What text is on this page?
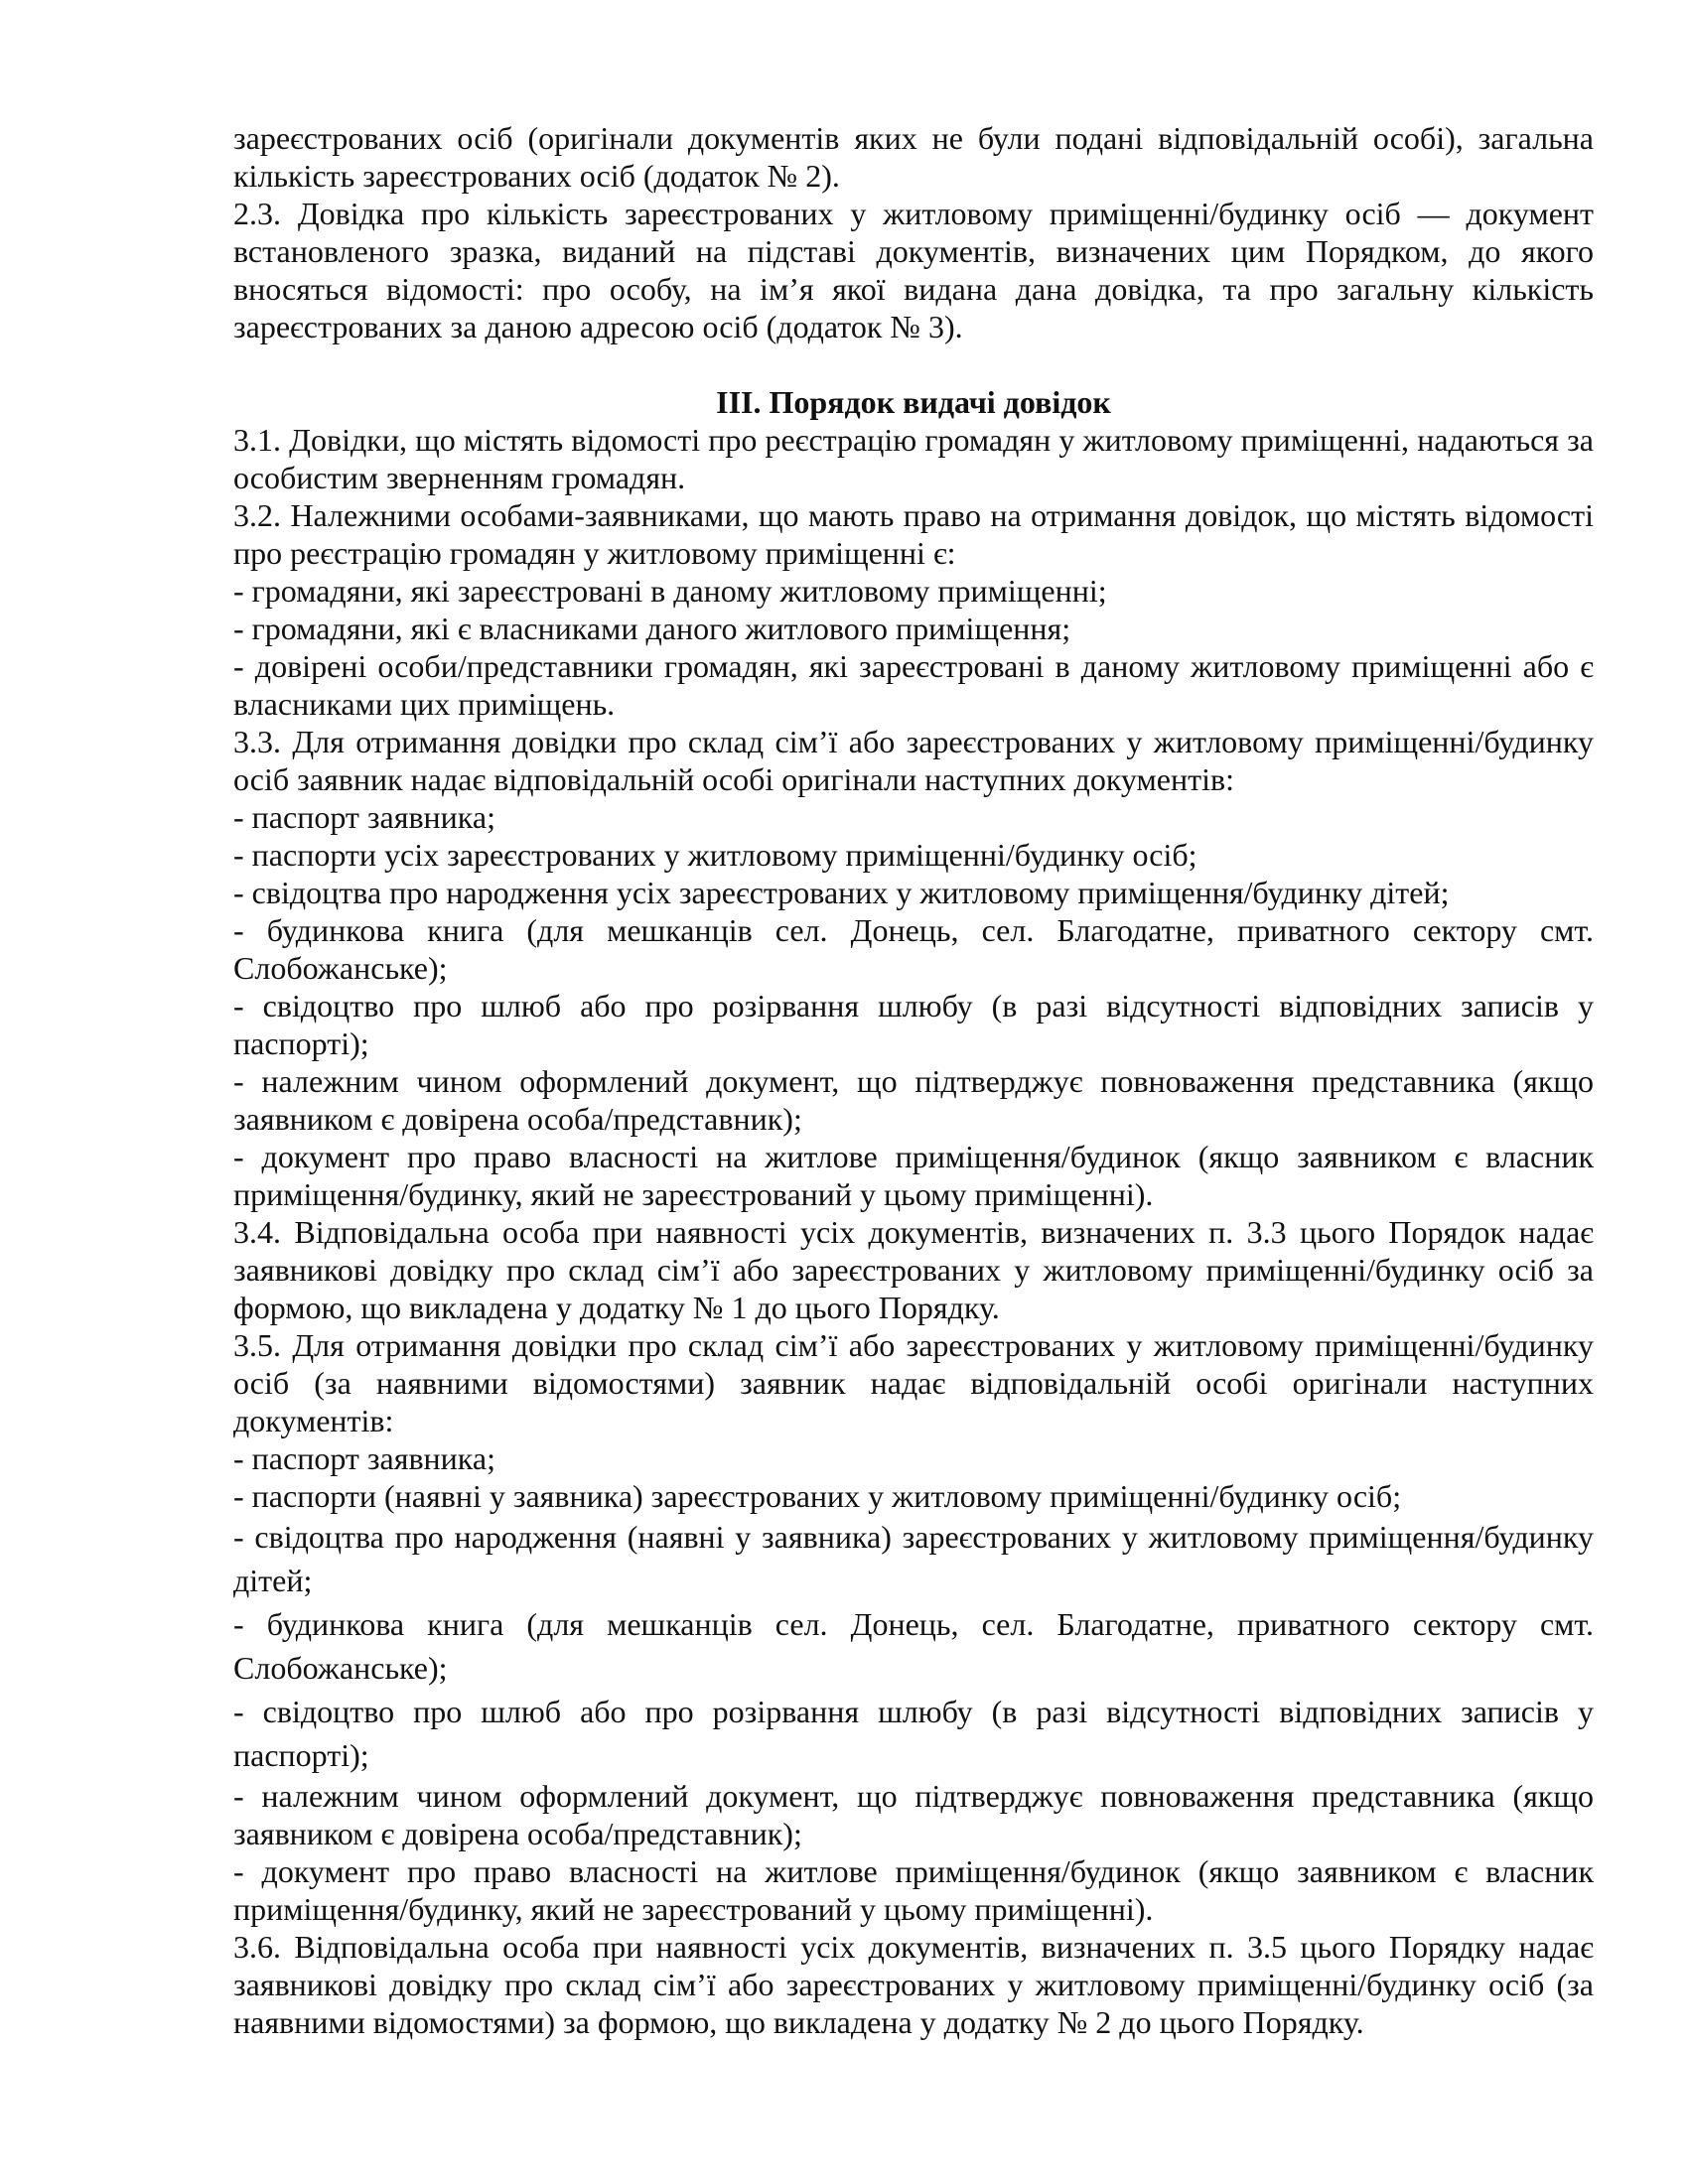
зареєстрованих осіб (оригінали документів яких не були подані відповідальній особі), загальна кількість зареєстрованих осіб (додаток № 2).

2.3. Довідка про кількість зареєстрованих у житловому приміщенні/будинку осіб — документ встановленого зразка, виданий на підставі документів, визначених цим Порядком, до якого вносяться відомості: про особу, на ім’я якої видана дана довідка, та про загальну кількість зареєстрованих за даною адресою осіб (додаток № 3).

ІІІ. Порядок видачі довідок

3.1. Довідки, що містять відомості про реєстрацію громадян у житловому приміщенні, надаються за особистим зверненням громадян.

3.2. Належними особами-заявниками, що мають право на отримання довідок, що містять відомості про реєстрацію громадян у житловому приміщенні є:

- громадяни, які зареєстровані в даному житловому приміщенні;

- громадяни, які є власниками даного житлового приміщення;

- довірені особи/представники громадян, які зареєстровані в даному житловому приміщенні або є власниками цих приміщень.

3.3. Для отримання довідки про склад сім’ї або зареєстрованих у житловому приміщенні/будинку осіб заявник надає відповідальній особі оригінали наступних документів:

- паспорт заявника;

- паспорти усіх зареєстрованих у житловому приміщенні/будинку осіб;

- свідоцтва про народження усіх зареєстрованих у житловому приміщення/будинку дітей;

- будинкова книга (для мешканців сел. Донець, сел. Благодатне, приватного сектору смт. Слобожанське);

- свідоцтво про шлюб або про розірвання шлюбу (в разі відсутності відповідних записів у паспорті);

- належним чином оформлений документ, що підтверджує повноваження представника (якщо заявником є довірена особа/представник);

- документ про право власності на житлове приміщення/будинок (якщо заявником є власник приміщення/будинку, який не зареєстрований у цьому приміщенні).

3.4. Відповідальна особа при наявності усіх документів, визначених п. 3.3 цього Порядок надає заявникові довідку про склад сім’ї або зареєстрованих у житловому приміщенні/будинку осіб за формою, що викладена у додатку № 1 до цього Порядку.

3.5. Для отримання довідки про склад сім’ї або зареєстрованих у житловому приміщенні/будинку осіб (за наявними відомостями) заявник надає відповідальній особі оригінали наступних документів:

- паспорт заявника;

- паспорти (наявні у заявника) зареєстрованих у житловому приміщенні/будинку осіб;

- свідоцтва про народження (наявні у заявника) зареєстрованих у житловому приміщення/будинку дітей;

- будинкова книга (для мешканців сел. Донець, сел. Благодатне, приватного сектору смт. Слобожанське);

- свідоцтво про шлюб або про розірвання шлюбу (в разі відсутності відповідних записів у паспорті);

- належним чином оформлений документ, що підтверджує повноваження представника (якщо заявником є довірена особа/представник);

- документ про право власності на житлове приміщення/будинок (якщо заявником є власник приміщення/будинку, який не зареєстрований у цьому приміщенні).

3.6. Відповідальна особа при наявності усіх документів, визначених п. 3.5 цього Порядку надає заявникові довідку про склад сім’ї або зареєстрованих у житловому приміщенні/будинку осіб (за наявними відомостями) за формою, що викладена у додатку № 2 до цього Порядку.
